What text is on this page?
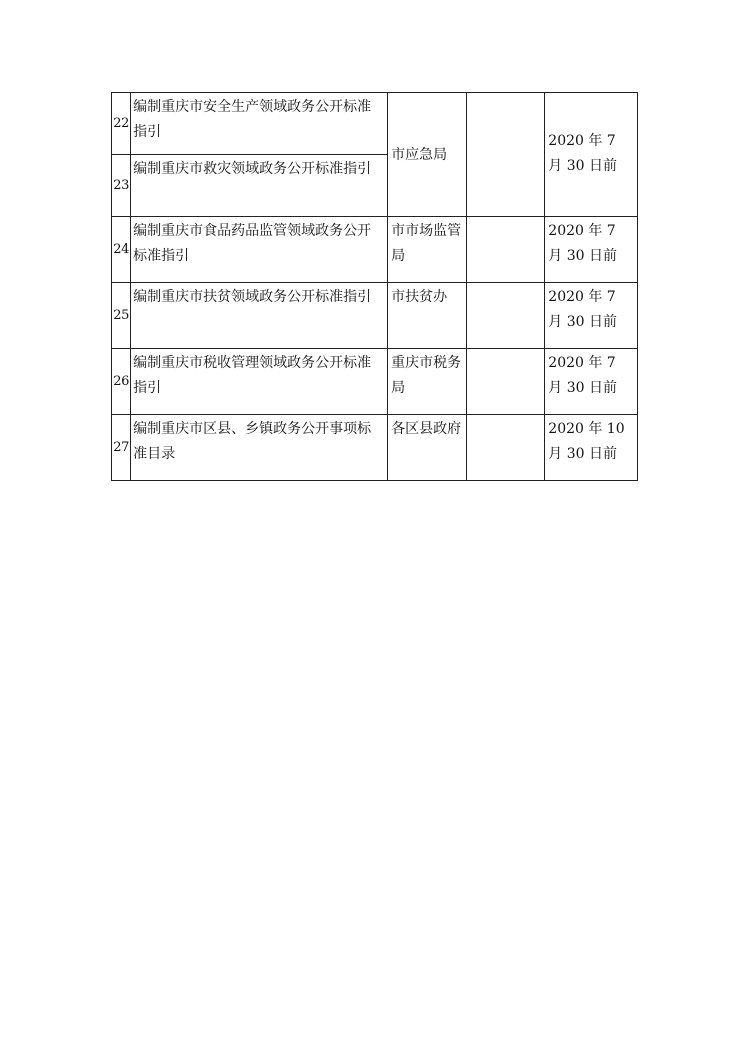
22	编制重庆市安全生产领域政务公开标准指引	市应急局		2020 年 7 月 30 日前
23	编制重庆市救灾领域政务公开标准指引			
24	编制重庆市食品药品监管领域政务公开标准指引	市市场监管局		2020 年 7 月 30 日前
25	编制重庆市扶贫领域政务公开标准指引	市扶贫办		2020 年 7 月 30 日前
26	编制重庆市税收管理领域政务公开标准指引	重庆市税务局		2020 年 7 月 30 日前
27	编制重庆市区县、乡镇政务公开事项标准目录	各区县政府		2020 年 10 月 30 日前
